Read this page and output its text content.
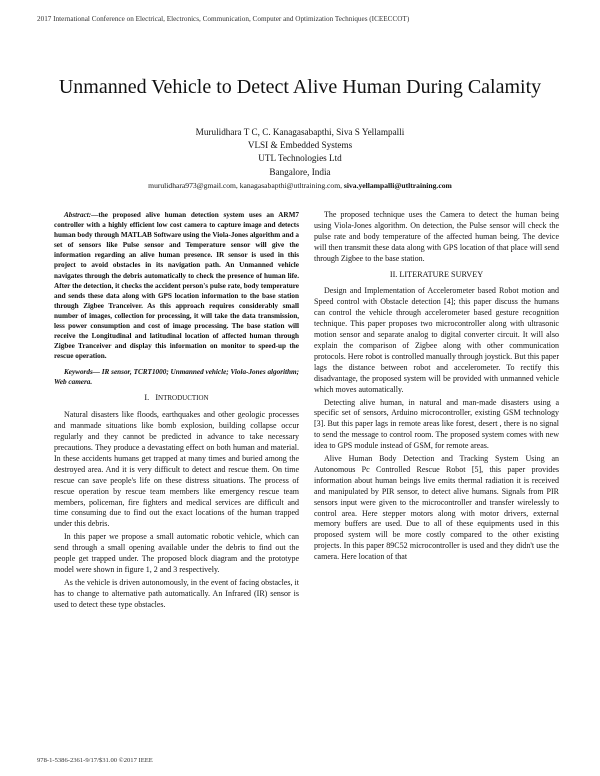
2017 International Conference on Electrical, Electronics, Communication, Computer and Optimization Techniques (ICEECCOT)
Unmanned Vehicle to Detect Alive Human During Calamity
Murulidhara T C, C. Kanagasabapthi, Siva S Yellampalli
VLSI & Embedded Systems
UTL Technologies Ltd
Bangalore, India
murulidhara973@gmail.com, kanagasabapthi@utltraining.com, siva.yellampalli@utltraining.com
Abstract:—the proposed alive human detection system uses an ARM7 controller with a highly efficient low cost camera to capture image and detects human body through MATLAB Software using the Viola-Jones algorithm and a set of sensors like Pulse sensor and Temperature sensor will give the information regarding an alive human presence. IR sensor is used in this project to avoid obstacles in its navigation path. An Unmanned vehicle navigates through the debris automatically to check the presence of human life. After the detection, it checks the accident person's pulse rate, body temperature and sends these data along with GPS location information to the base station through Zigbee Tranceiver. As this approach requires considerably small number of images, collection for processing, it will take the data transmission, less power consumption and cost of image processing. The base station will receive the Longitudinal and latitudinal location of affected human through Zigbee Tranceiver and display this information on monitor to speed-up the rescue operation.
Keywords— IR sensor, TCRT1000; Unmanned vehicle; Viola-Jones algorithm; Web camera.
I. INTRODUCTION

Natural disasters like floods, earthquakes and other geologic processes and manmade situations like bomb explosion, building collapse occur regularly and they cannot be predicted in advance to take necessary precautions. They produce a devastating effect on both human and material. In these accidents humans get trapped at many times and buried among the destroyed area. And it is very difficult to detect and rescue them. On time rescue can save people's life on these distress situations. The process of rescue operation by rescue team members like emergency rescue team members, policeman, fire fighters and medical services are difficult and time consuming due to find out the exact locations of the human trapped under this debris.

In this paper we propose a small automatic robotic vehicle, which can send through a small opening available under the debris to find out the people get trapped under. The proposed block diagram and the prototype model were shown in figure 1, 2 and 3 respectively.

As the vehicle is driven autonomously, in the event of facing obstacles, it has to change to alternative path automatically. An Infrared (IR) sensor is used to detect these type obstacles.

The proposed technique uses the Camera to detect the human being using Viola-Jones algorithm. On detection, the Pulse sensor will check the pulse rate and body temperature of the affected human being. The device will then transmit these data along with GPS location of that place will send through Zigbee to the base station.

II. LITERATURE SURVEY

Design and Implementation of Accelerometer based Robot motion and Speed control with Obstacle detection [4]; this paper discuss the humans can control the vehicle through accelerometer based gesture recognition technique. This paper proposes two microcontroller along with ultrasonic motion sensor and separate analog to digital converter circuit. It will also explain the comparison of Zigbee along with other communication protocols. Here robot is controlled manually through joystick. But this paper lags the distance between robot and accelerometer. To rectify this disadvantage, the proposed system will be provided with unmanned vehicle which moves automatically.

Detecting alive human, in natural and man-made disasters using a specific set of sensors, Arduino microcontroller, existing GSM technology [3]. But this paper lags in remote areas like forest, desert , there is no signal to send the message to control room. The proposed system comes with new idea to GPS module instead of GSM, for remote areas.

Alive Human Body Detection and Tracking System Using an Autonomous Pc Controlled Rescue Robot [5], this paper provides information about human beings live emits thermal radiation it is received and manipulated by PIR sensor, to detect alive humans. Signals from PIR sensors input were given to the microcontroller and transfer wirelessly to control area. Here stepper motors along with motor drivers, external memory buffers are used. Due to all of these equipments used in this proposed system will be more costly compared to the other existing projects. In this paper 89C52 microcontroller is used and they didn't use the camera. Here location of that

978-1-5386-2361-9/17/$31.00 ©2017 IEEE
